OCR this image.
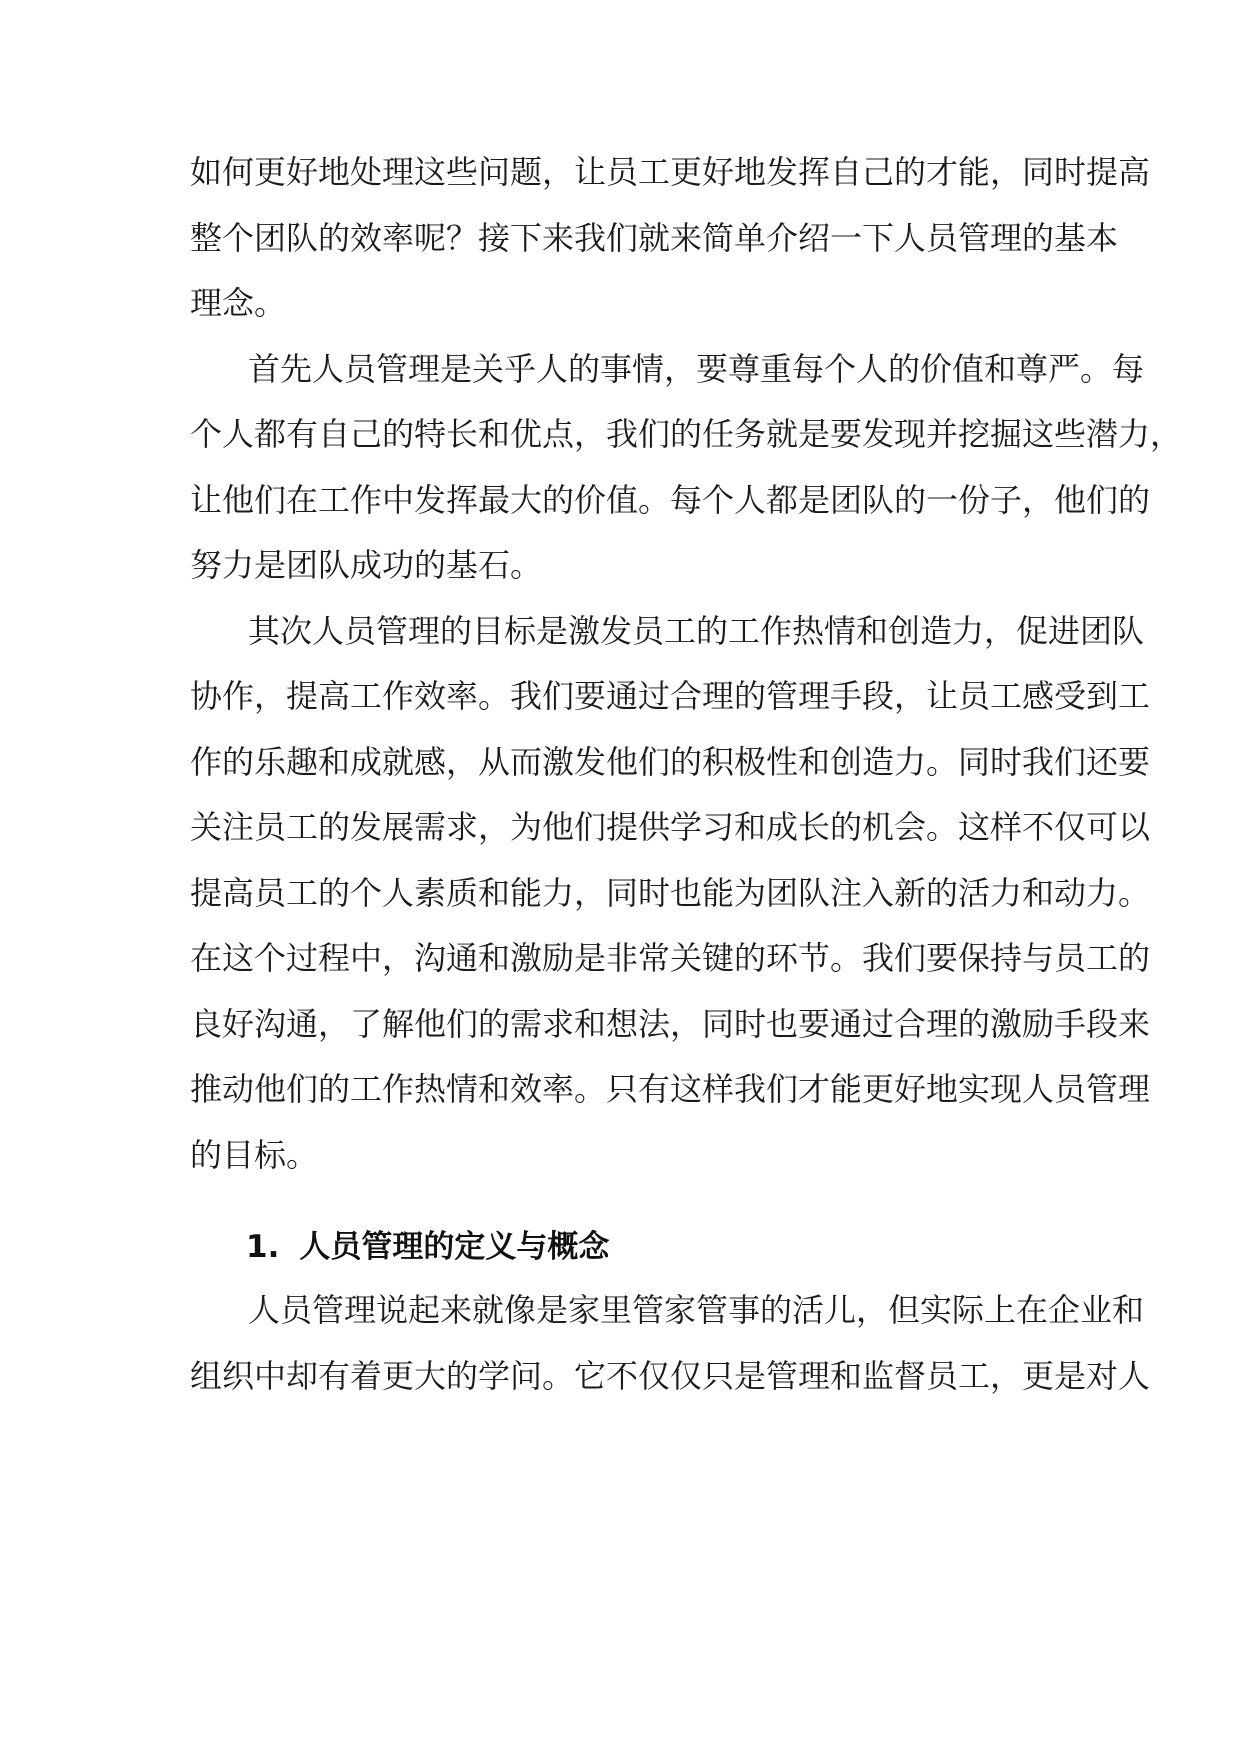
如何更好地处理这些问题，让员工更好地发挥自己的才能，同时提高

整个团队的效率呢？接下来我们就来简单介绍一下人员管理的基本

理念。

首先人员管理是关乎人的事情，要尊重每个人的价值和尊严。每

个人都有自己的特长和优点，我们的任务就是要发现并挖掘这些潜力，

让他们在工作中发挥最大的价值。每个人都是团队的一份子，他们的

努力是团队成功的基石。

其次人员管理的目标是激发员工的工作热情和创造力，促进团队

协作，提高工作效率。我们要通过合理的管理手段，让员工感受到工

作的乐趣和成就感，从而激发他们的积极性和创造力。同时我们还要

关注员工的发展需求，为他们提供学习和成长的机会。这样不仅可以

提高员工的个人素质和能力，同时也能为团队注入新的活力和动力。

在这个过程中，沟通和激励是非常关键的环节。我们要保持与员工的

良好沟通，了解他们的需求和想法，同时也要通过合理的激励手段来

推动他们的工作热情和效率。只有这样我们才能更好地实现人员管理

的目标。

1. 人员管理的定义与概念

人员管理说起来就像是家里管家管事的活儿，但实际上在企业和

组织中却有着更大的学问。它不仅仅只是管理和监督员工，更是对人
